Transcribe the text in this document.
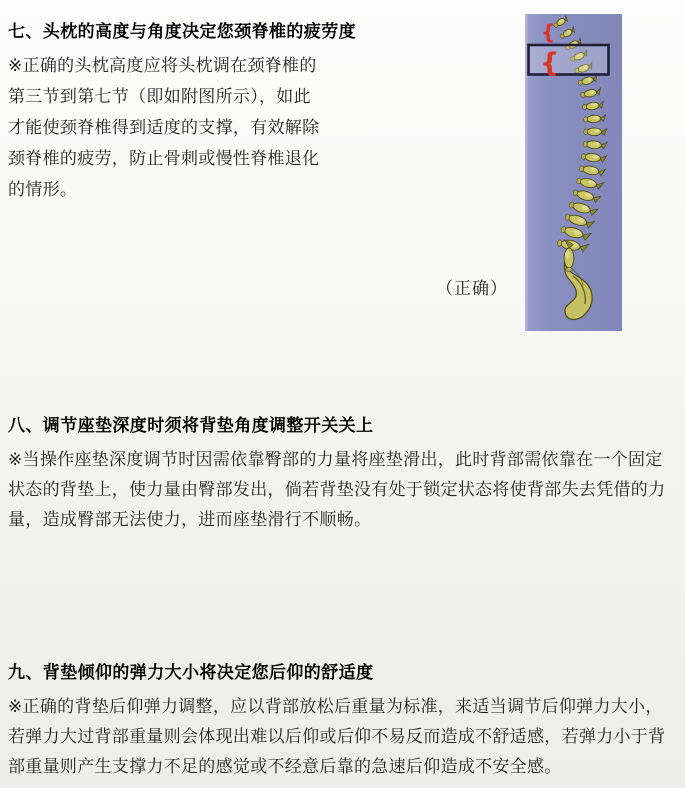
七、头枕的高度与角度决定您颈脊椎的疲劳度
※正确的头枕高度应将头枕调在颈脊椎的
第三节到第七节（即如附图所示），如此
才能使颈脊椎得到适度的支撑，有效解除
颈脊椎的疲劳，防止骨刺或慢性脊椎退化
的情形。
{
{
（正确）
八、调节座垫深度时须将背垫角度调整开关关上
※当操作座垫深度调节时因需依靠臀部的力量将座垫滑出，此时背部需依靠在一个固定
状态的背垫上，使力量由臀部发出，倘若背垫没有处于锁定状态将使背部失去凭借的力
量，造成臀部无法使力，进而座垫滑行不顺畅。
九、背垫倾仰的弹力大小将决定您后仰的舒适度
※正确的背垫后仰弹力调整，应以背部放松后重量为标准，来适当调节后仰弹力大小，
若弹力大过背部重量则会体现出难以后仰或后仰不易反而造成不舒适感，若弹力小于背
部重量则产生支撑力不足的感觉或不经意后靠的急速后仰造成不安全感。
